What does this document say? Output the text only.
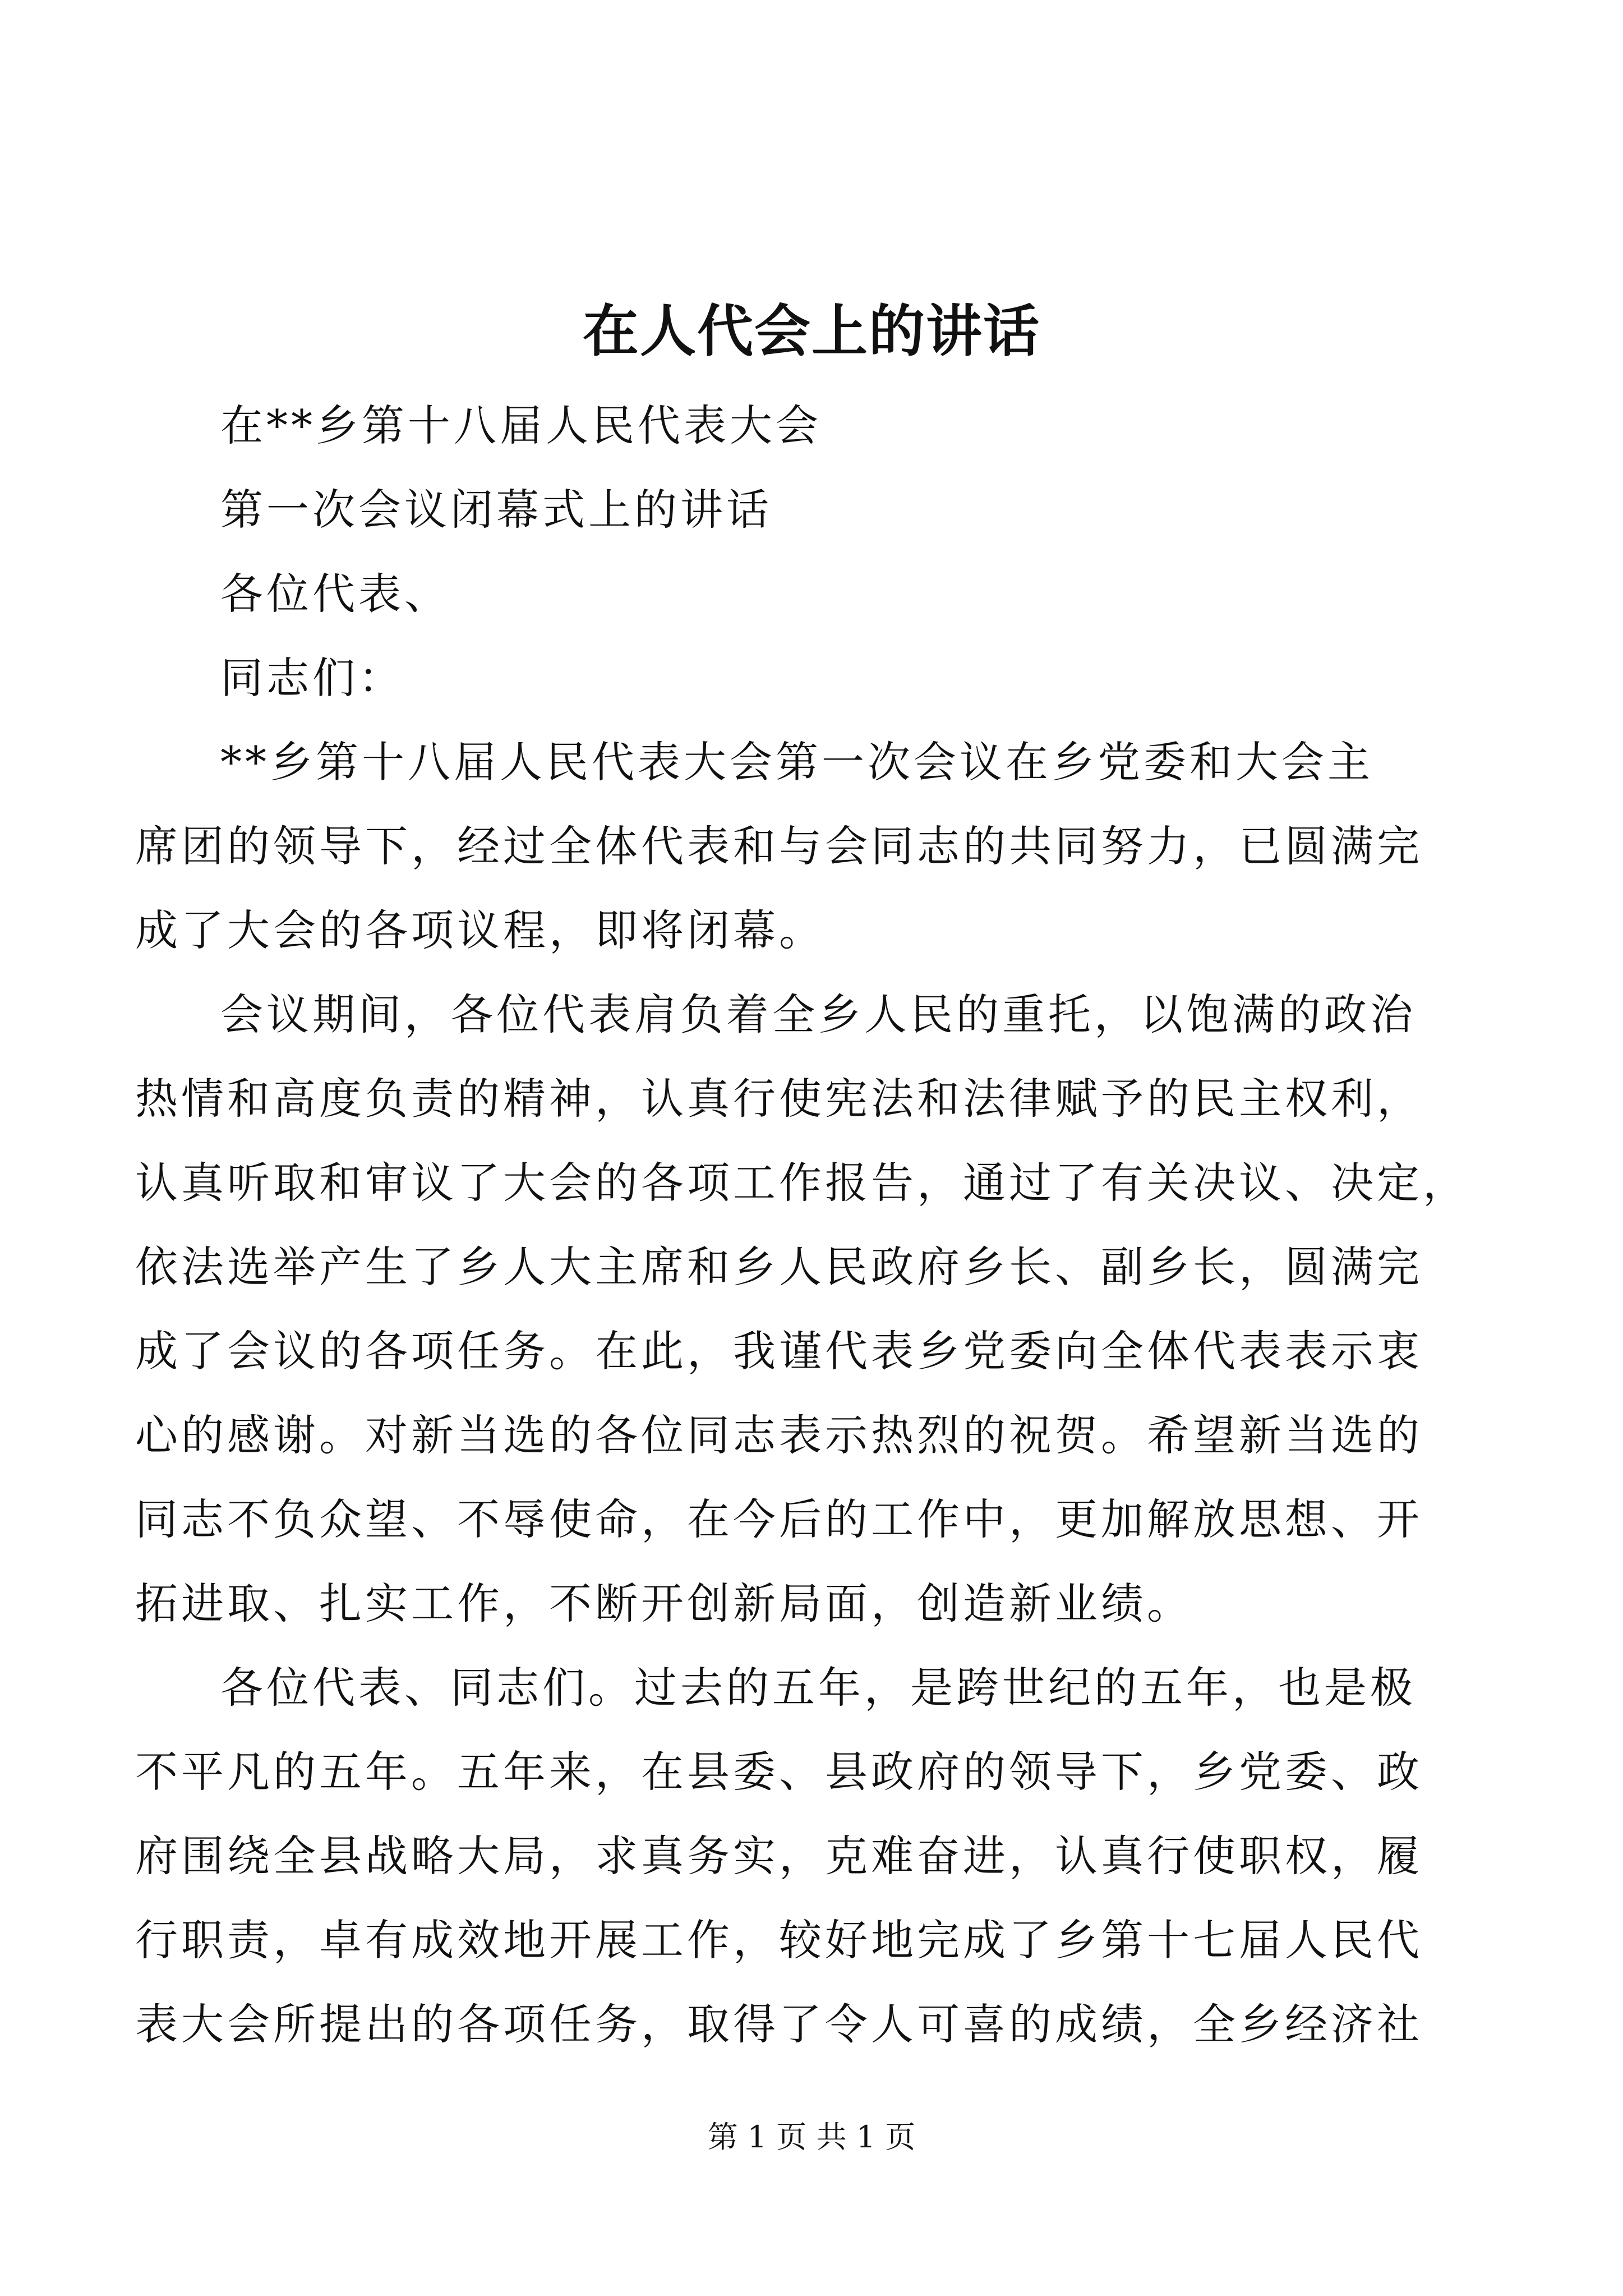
在人代会上的讲话
在**乡第十八届人民代表大会
第一次会议闭幕式上的讲话
各位代表、
同志们：
**乡第十八届人民代表大会第一次会议在乡党委和大会主
席团的领导下，经过全体代表和与会同志的共同努力，已圆满完
成了大会的各项议程，即将闭幕。
会议期间，各位代表肩负着全乡人民的重托，以饱满的政治
热情和高度负责的精神，认真行使宪法和法律赋予的民主权利，
认真听取和审议了大会的各项工作报告，通过了有关决议、决定，
依法选举产生了乡人大主席和乡人民政府乡长、副乡长，圆满完
成了会议的各项任务。在此，我谨代表乡党委向全体代表表示衷
心的感谢。对新当选的各位同志表示热烈的祝贺。希望新当选的
同志不负众望、不辱使命，在今后的工作中，更加解放思想、开
拓进取、扎实工作，不断开创新局面，创造新业绩。
各位代表、同志们。过去的五年，是跨世纪的五年，也是极
不平凡的五年。五年来，在县委、县政府的领导下，乡党委、政
府围绕全县战略大局，求真务实，克难奋进，认真行使职权，履
行职责，卓有成效地开展工作，较好地完成了乡第十七届人民代
表大会所提出的各项任务，取得了令人可喜的成绩，全乡经济社
第 1 页 共 1 页
